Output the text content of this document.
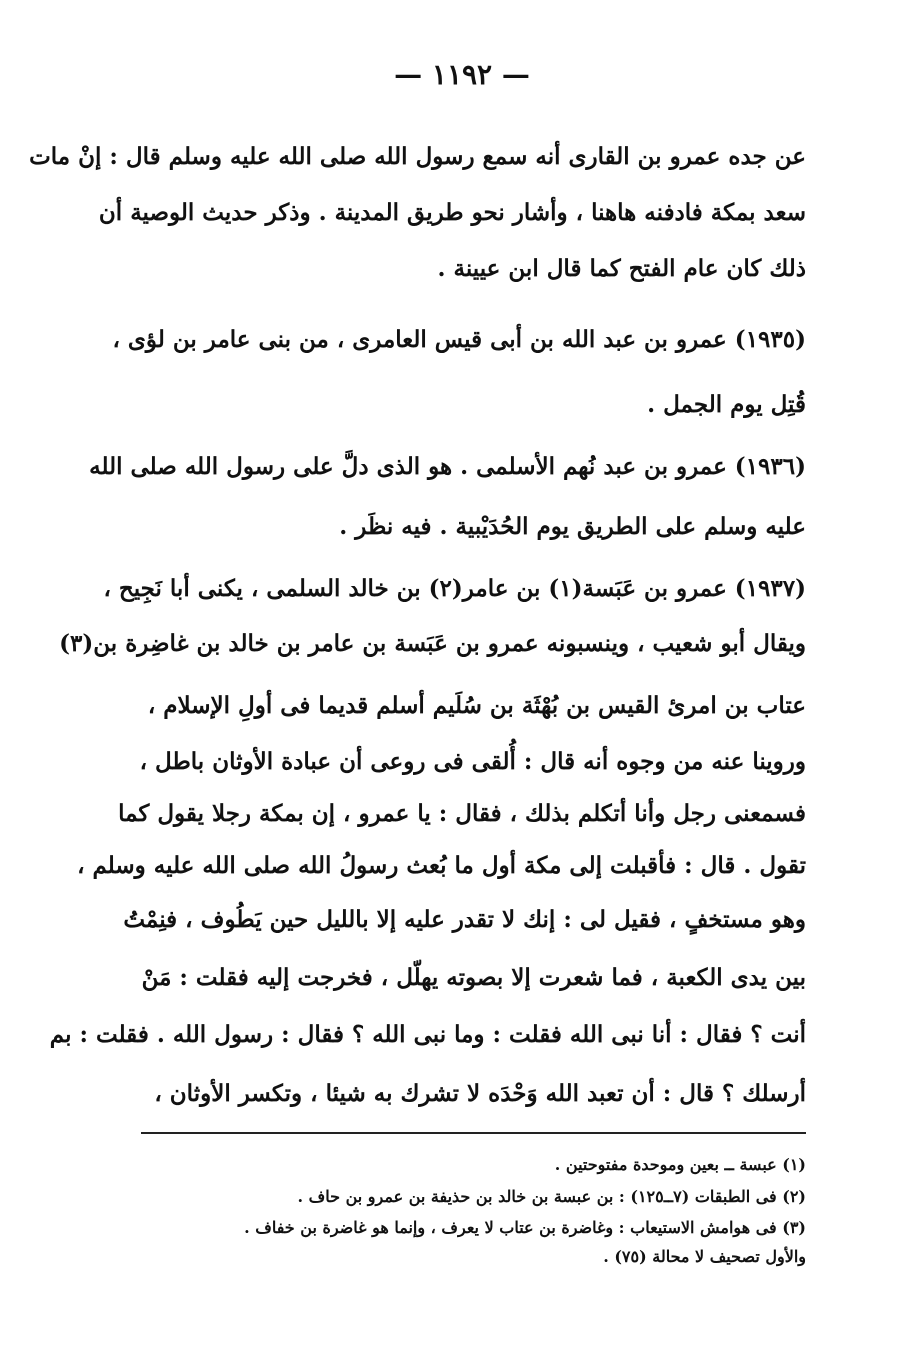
— ١١٩٢ —
عن جده عمرو بن القارى أنه سمع رسول الله صلى الله عليه وسلم قال : إنْ مات
سعد بمكة فادفنه هاهنا ، وأشار نحو طريق المدينة . وذكر حديث الوصية أن
ذلك كان عام الفتح كما قال ابن عيينة .
(١٩٣٥) عمرو بن عبد الله بن أبى قيس العامرى ، من بنى عامر بن لؤى ،
قُتِل يوم الجمل .
(١٩٣٦) عمرو بن عبد نُهم الأسلمى . هو الذى دلَّ على رسول الله صلى الله
عليه وسلم على الطريق يوم الحُدَيْبية . فيه نظَر .
(١٩٣٧) عمرو بن عَبَسة(١) بن عامر(٢) بن خالد السلمى ، يكنى أبا نَجِيح ،
ويقال أبو شعيب ، وينسبونه عمرو بن عَبَسة بن عامر بن خالد بن غاضِرة بن(٣)
عتاب بن امرئ القيس بن بُهْثَة بن سُلَيم أسلم قديما فى أولِ الإسلام ،
وروينا عنه من وجوه أنه قال : أُلقى فى روعى أن عبادة الأوثان باطل ،
فسمعنى رجل وأنا أتكلم بذلك ، فقال : يا عمرو ، إن بمكة رجلا يقول كما
تقول . قال : فأقبلت إلى مكة أول ما بُعث رسولُ الله صلى الله عليه وسلم ،
وهو مستخفٍ ، فقيل لى : إنك لا تقدر عليه إلا بالليل حين يَطُوف ، فنِمْتُ
بين يدى الكعبة ، فما شعرت إلا بصوته يهلّل ، فخرجت إليه فقلت : مَنْ
أنت ؟ فقال : أنا نبى الله فقلت : وما نبى الله ؟ فقال : رسول الله . فقلت : بم
أرسلك ؟ قال : أن تعبد الله وَحْدَه لا تشرك به شيئا ، وتكسر الأوثان ،
(١) عبسة ــ بعين وموحدة مفتوحتين .
(٢) فى الطبقات (٧ــ١٢٥) : بن عبسة بن خالد بن حذيفة بن عمرو بن حاف .
(٣) فى هوامش الاستيعاب : وغاضرة بن عتاب لا يعرف ، وإنما هو غاضرة بن خفاف .
والأول تصحيف لا محالة (٧٥) .
